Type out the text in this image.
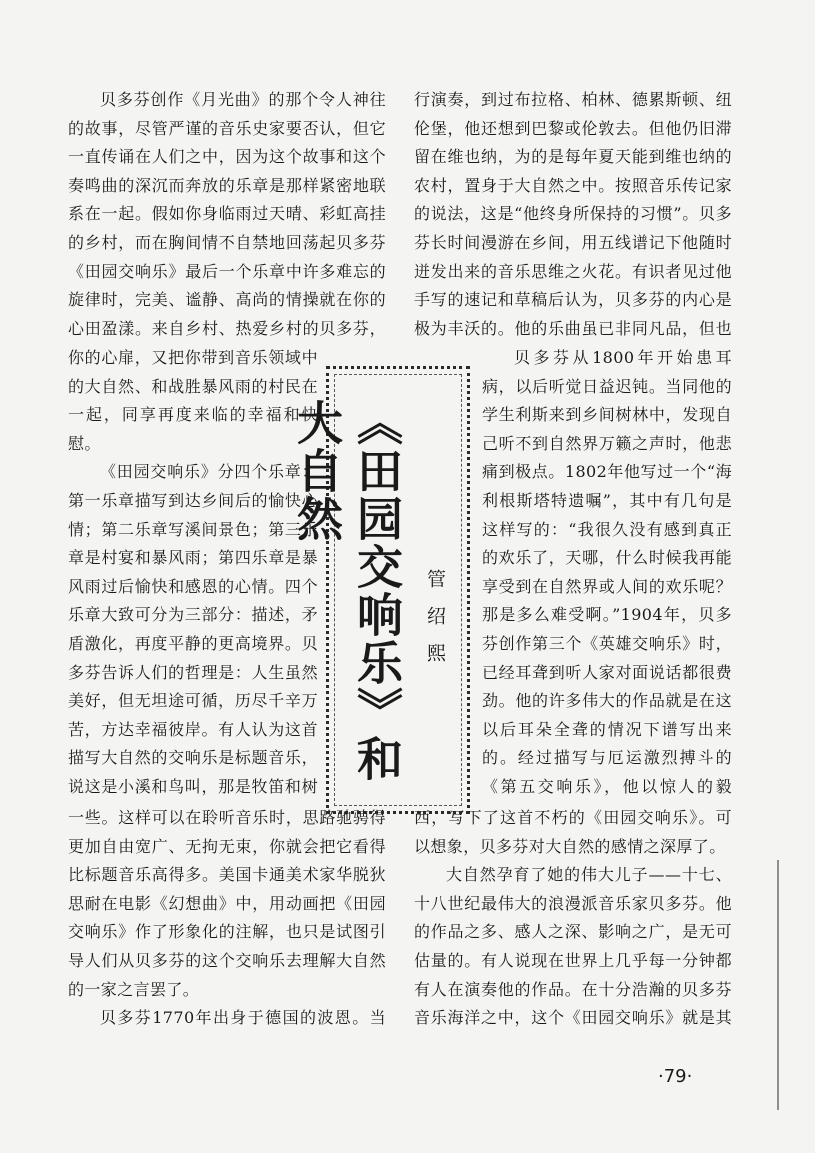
贝多芬创作《月光曲》的那个令人神往的故事，尽管严谨的音乐史家要否认，但它一直传诵在人们之中，因为这个故事和这个奏鸣曲的深沉而奔放的乐章是那样紧密地联系在一起。假如你身临雨过天晴、彩虹高挂的乡村，而在胸间情不自禁地回荡起贝多芬《田园交响乐》最后一个乐章中许多难忘的旋律时，完美、谧静、高尚的情操就在你的心田盈漾。来自乡村、热爱乡村的贝多芬，

你的心扉，又把你带到音乐领域中的大自然、和战胜暴风雨的村民在一起，同享再度来临的幸福和快慰。

《田园交响乐》分四个乐章：第一乐章描写到达乡间后的愉快心情；第二乐章写溪间景色；第三乐章是村宴和暴风雨；第四乐章是暴风雨过后愉快和感恩的心情。四个乐章大致可分为三部分：描述，矛盾激化，再度平静的更高境界。贝多芬告诉人们的哲理是：人生虽然美好，但无坦途可循，历尽千辛万苦，方达幸福彼岸。有人认为这首描写大自然的交响乐是标题音乐，说这是小溪和鸟叫，那是牧笛和树

一些。这样可以在聆听音乐时，思路驰骋得更加自由宽广、无拘无束，你就会把它看得比标题音乐高得多。美国卡通美术家华脱狄思耐在电影《幻想曲》中，用动画把《田园交响乐》作了形象化的注解，也只是试图引导人们从贝多芬的这个交响乐去理解大自然的一家之言罢了。

贝多芬1770年出身于德国的波恩。当

行演奏，到过布拉格、柏林、德累斯顿、纽伦堡，他还想到巴黎或伦敦去。但他仍旧滞留在维也纳，为的是每年夏天能到维也纳的农村，置身于大自然之中。按照音乐传记家的说法，这是“他终身所保持的习惯”。贝多芬长时间漫游在乡间，用五线谱记下他随时迸发出来的音乐思维之火花。有识者见过他手写的速记和草稿后认为，贝多芬的内心是极为丰沃的。他的乐曲虽已非同凡品，但也

贝多芬从1800年开始患耳病，以后听觉日益迟钝。当同他的学生利斯来到乡间树林中，发现自己听不到自然界万籁之声时，他悲痛到极点。1802年他写过一个“海利根斯塔特遗嘱”，其中有几句是这样写的：“我很久没有感到真正的欢乐了，天哪，什么时候我再能享受到在自然界或人间的欢乐呢？那是多么难受啊。”1904年，贝多芬创作第三个《英雄交响乐》时，已经耳聋到听人家对面说话都很费劲。他的许多伟大的作品就是在这以后耳朵全聋的情况下谱写出来的。经过描写与厄运激烈搏斗的《第五交响乐》，他以惊人的毅

西，写下了这首不朽的《田园交响乐》。可以想象，贝多芬对大自然的感情之深厚了。

大自然孕育了她的伟大儿子——十七、十八世纪最伟大的浪漫派音乐家贝多芬。他的作品之多、感人之深、影响之广，是无可估量的。有人说现在世界上几乎每一分钟都有人在演奏他的作品。在十分浩瀚的贝多芬音乐海洋之中，这个《田园交响乐》就是其

《田园交响乐》和大自然
管绍熙
·79·
